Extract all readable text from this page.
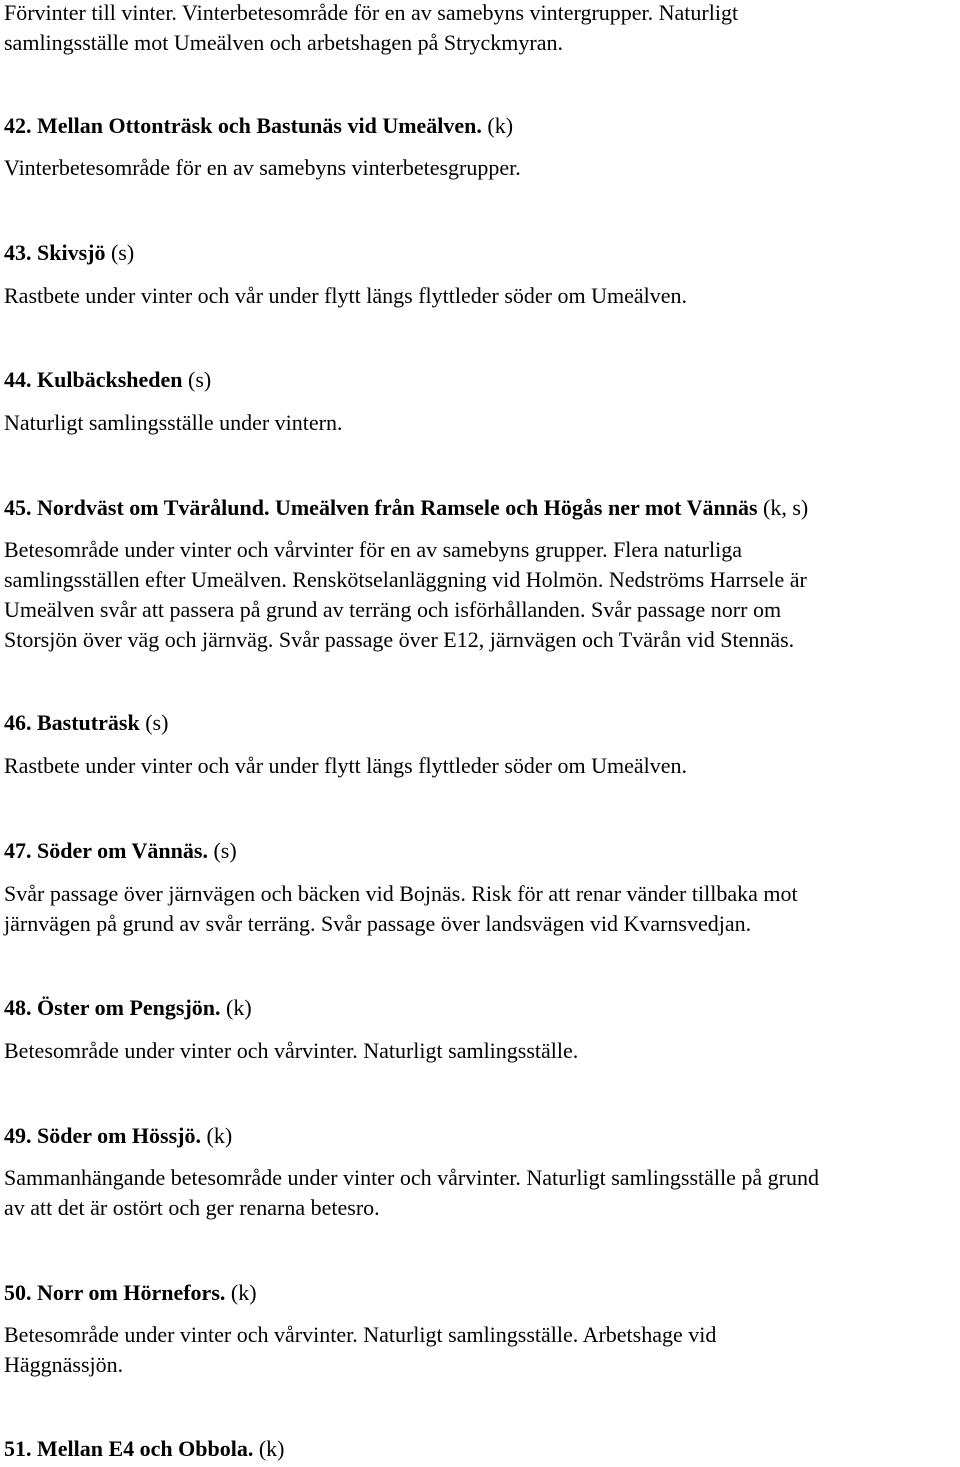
Förvinter till vinter. Vinterbetesområde för en av samebyns vintergrupper. Naturligt

samlingsställe mot Umeälven och arbetshagen på Stryckmyran.

42. Mellan Ottonträsk och Bastunäs vid Umeälven. (k)

Vinterbetesområde för en av samebyns vinterbetesgrupper.

43. Skivsjö (s)

Rastbete under vinter och vår under flytt längs flyttleder söder om Umeälven.

44. Kulbäcksheden (s)

Naturligt samlingsställe under vintern.

45. Nordväst om Tvärålund. Umeälven från Ramsele och Högås ner mot Vännäs (k, s)

Betesområde under vinter och vårvinter för en av samebyns grupper. Flera naturliga

samlingsställen efter Umeälven. Renskötselanläggning vid Holmön. Nedströms Harrsele är

Umeälven svår att passera på grund av terräng och isförhållanden. Svår passage norr om

Storsjön över väg och järnväg. Svår passage över E12, järnvägen och Tvärån vid Stennäs.

46. Bastuträsk (s)

Rastbete under vinter och vår under flytt längs flyttleder söder om Umeälven.

47. Söder om Vännäs. (s)

Svår passage över järnvägen och bäcken vid Bojnäs. Risk för att renar vänder tillbaka mot

järnvägen på grund av svår terräng. Svår passage över landsvägen vid Kvarnsvedjan.

48. Öster om Pengsjön. (k)

Betesområde under vinter och vårvinter. Naturligt samlingsställe.

49. Söder om Hössjö. (k)

Sammanhängande betesområde under vinter och vårvinter. Naturligt samlingsställe på grund

av att det är ostört och ger renarna betesro.

50. Norr om Hörnefors. (k)

Betesområde under vinter och vårvinter. Naturligt samlingsställe. Arbetshage vid

Häggnässjön.

51. Mellan E4 och Obbola. (k)
